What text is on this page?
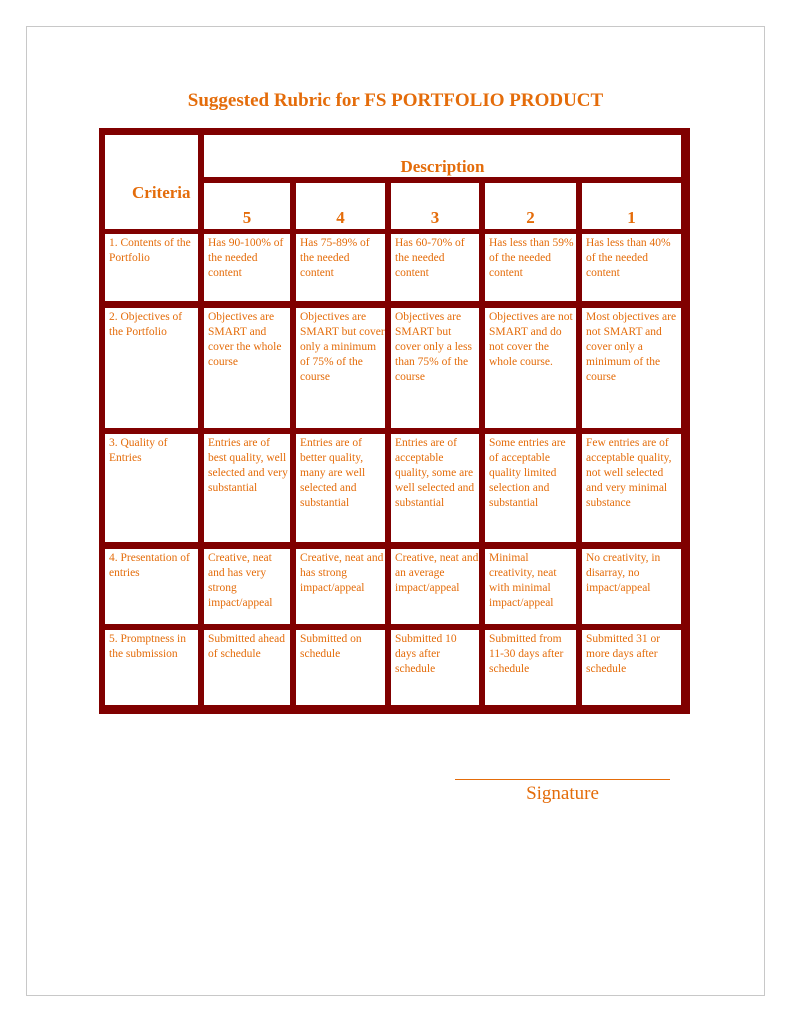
Suggested Rubric for FS PORTFOLIO PRODUCT
Criteria
Description
5	4	3	2	1
1. Contents of the Portfolio
Has 90-100% of the needed content
Has 75-89% of the needed content
Has 60-70% of the needed content
Has less than 59% of the needed content
Has less than 40% of the needed content
2. Objectives of the Portfolio
Objectives are SMART and cover the whole course
Objectives are SMART but cover only a minimum of 75% of the course
Objectives are SMART but cover only a less than 75% of the course
Objectives are not SMART and do not cover the whole course.
Most objectives are not SMART and cover only a minimum of the course
3. Quality of Entries
Entries are of best quality, well selected and very substantial
Entries are of better quality, many are well selected and substantial
Entries are of acceptable quality, some are well selected and substantial
Some entries are of acceptable quality limited selection and substantial
Few entries are of acceptable quality, not well selected and very minimal substance
4. Presentation of entries
Creative, neat and has very strong impact/appeal
Creative, neat and has strong impact/appeal
Creative, neat and an average impact/appeal
Minimal creativity, neat with minimal impact/appeal
No creativity, in disarray, no impact/appeal
5. Promptness in the submission
Submitted ahead of schedule
Submitted on schedule
Submitted 10 days after schedule
Submitted from 11-30 days after schedule
Submitted 31 or more days after schedule
Signature
